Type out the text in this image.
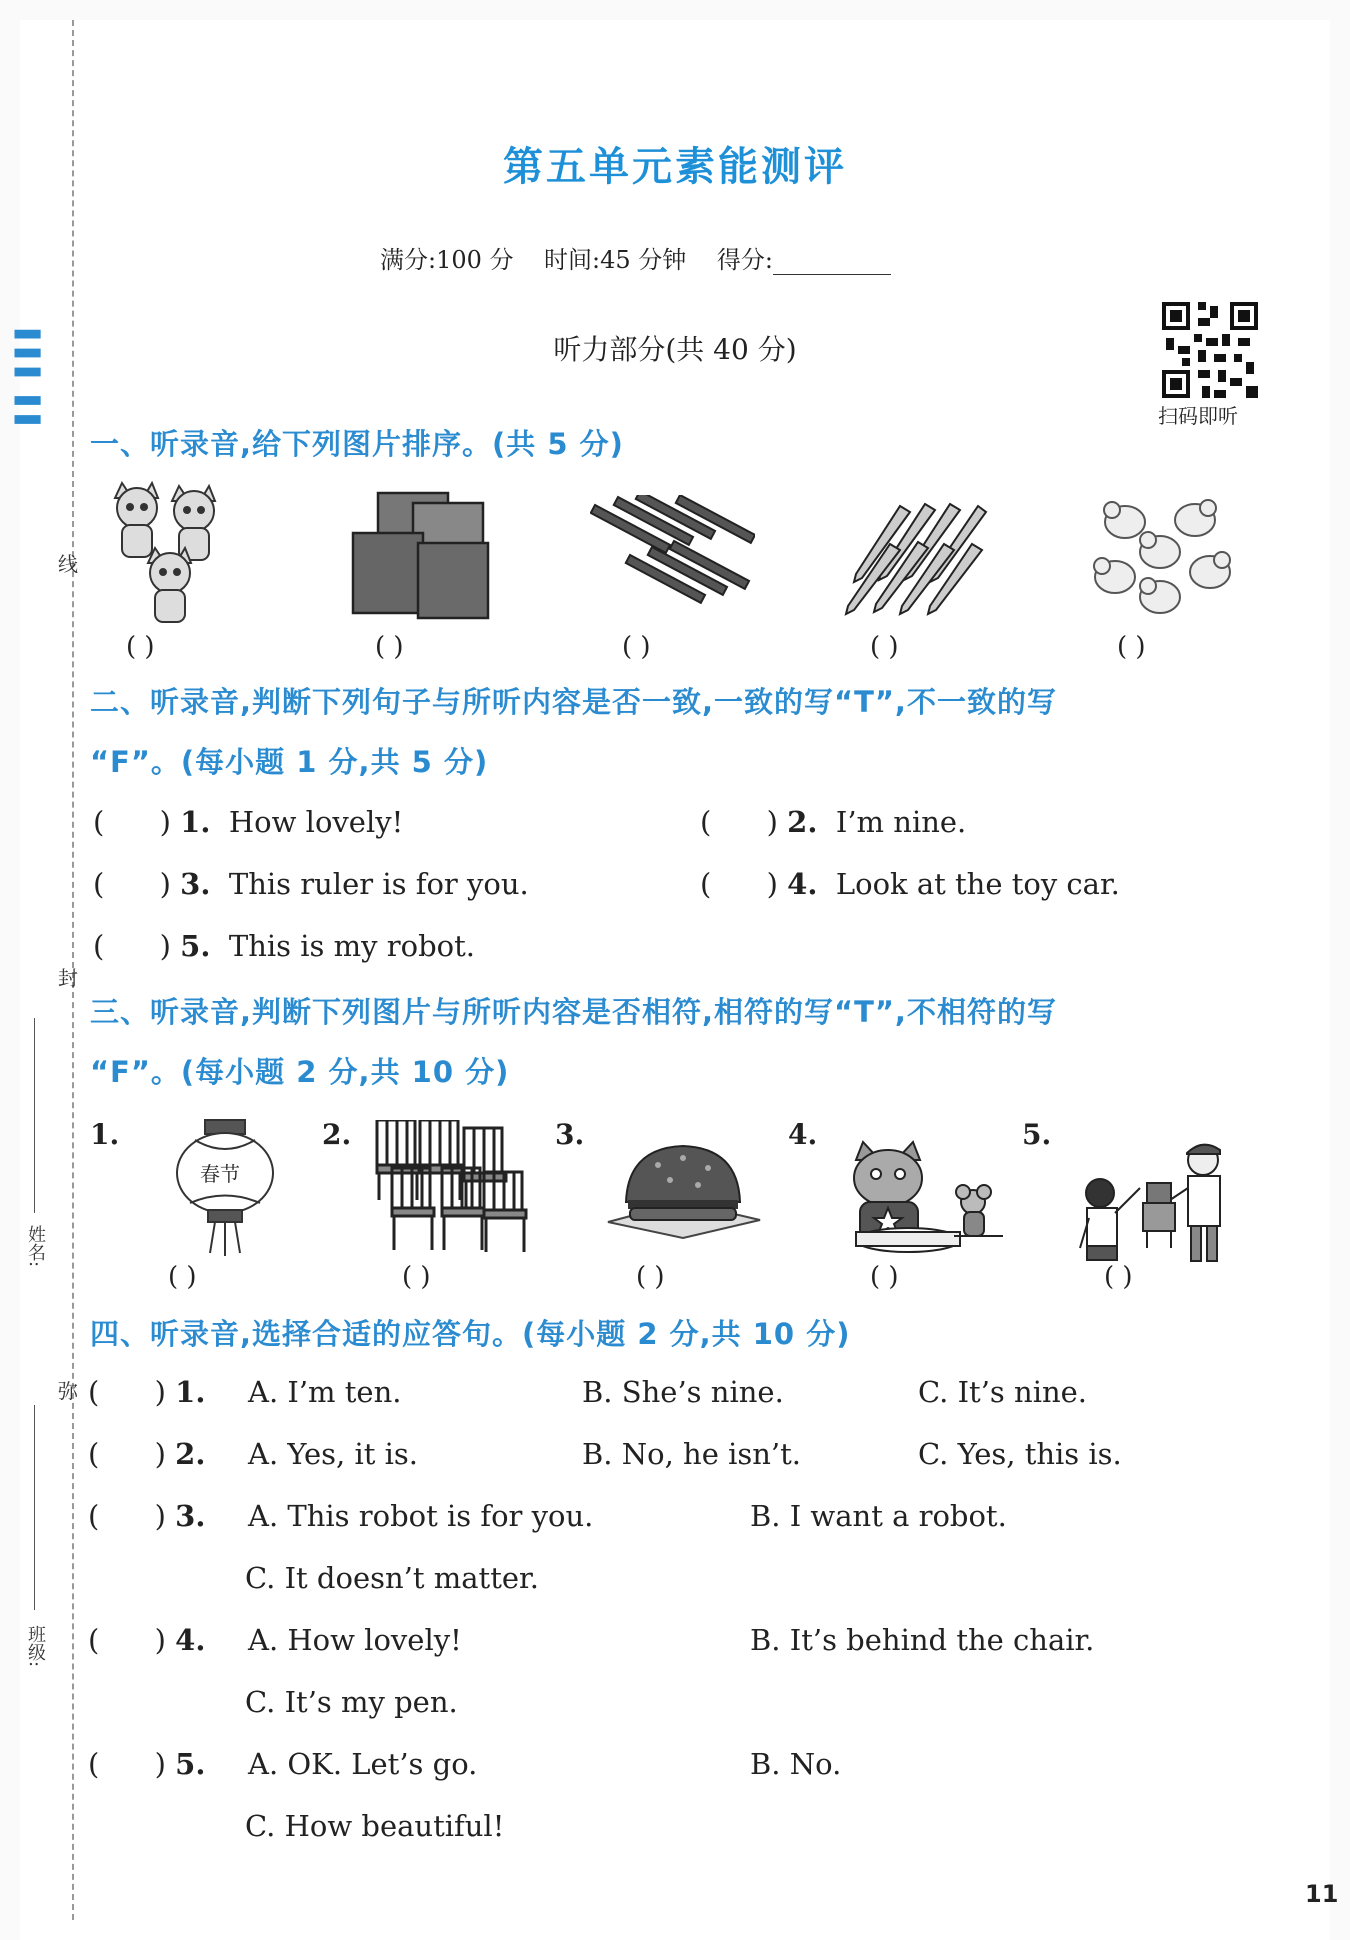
线
封
弥
▌▌▌ ▌▌
姓名:
班级:
第五单元素能测评
满分:100 分 时间:45 分钟 得分:
听力部分(共 40 分)
扫码即听
一、听录音,给下列图片排序。(共 5 分)
( )	( )	( )	( )	( )
二、听录音,判断下列句子与所听内容是否一致,一致的写“T”,不一致的写
“F”。(每小题 1 分,共 5 分)
(      ) 1. How lovely!	(      ) 2. I’m nine.
(      ) 3. This ruler is for you.	(      ) 4. Look at the toy car.
(      ) 5. This is my robot.
三、听录音,判断下列图片与所听内容是否相符,相符的写“T”,不相符的写
“F”。(每小题 2 分,共 10 分)
1.	2.	3.	4.	5.
春节
( )	( )	( )	( )	( )
四、听录音,选择合适的应答句。(每小题 2 分,共 10 分)
(      ) 1. A. I’m ten.	B. She’s nine.	C. It’s nine.
(      ) 2. A. Yes, it is.	B. No, he isn’t.	C. Yes, this is.
(      ) 3. A. This robot is for you.	B. I want a robot.
C. It doesn’t matter.
(      ) 4. A. How lovely!	B. It’s behind the chair.
C. It’s my pen.
(      ) 5. A. OK. Let’s go.	B. No.
C. How beautiful!
11
